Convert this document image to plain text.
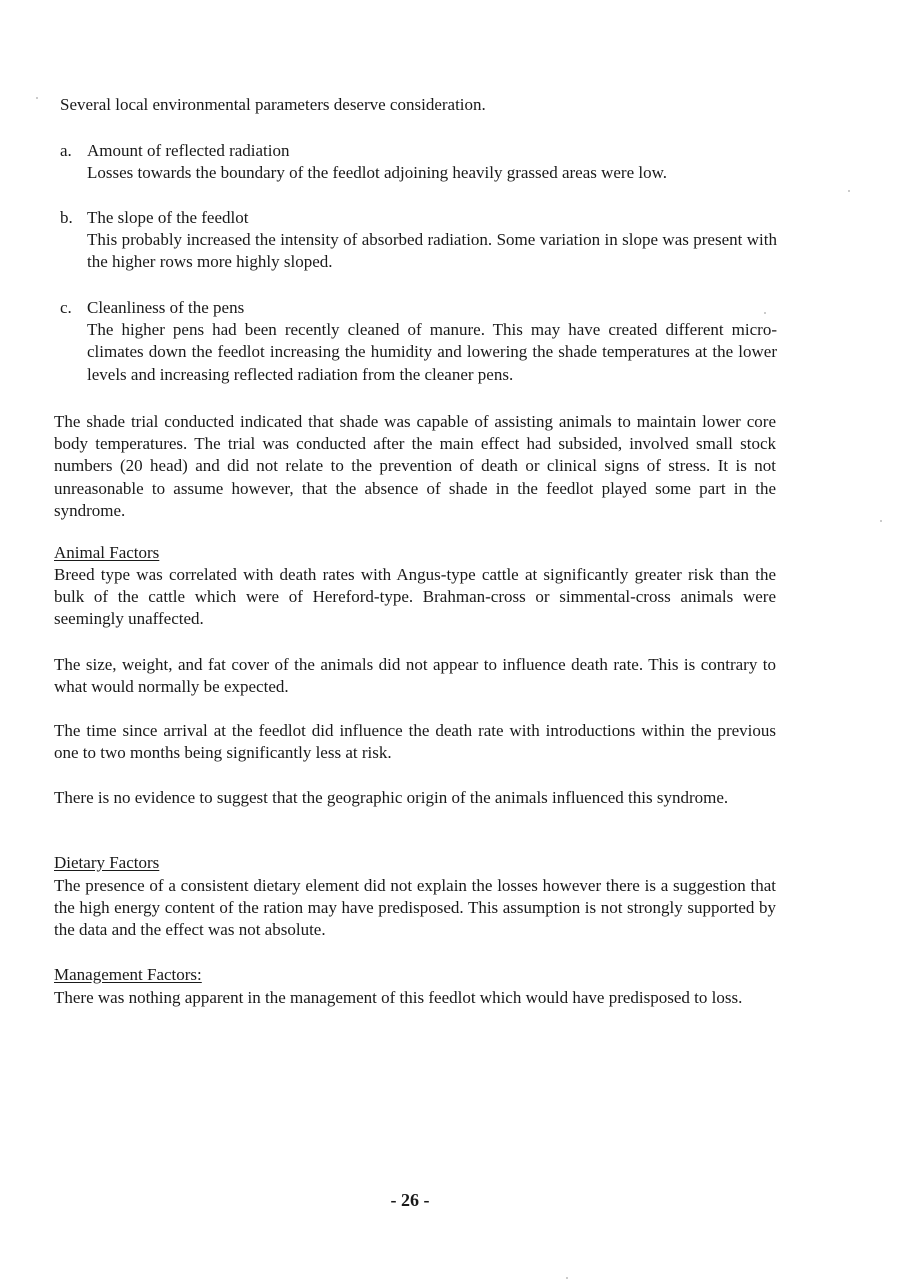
Several local environmental parameters deserve consideration.

a. Amount of reflected radiation
Losses towards the boundary of the feedlot adjoining heavily grassed areas were low.
b. The slope of the feedlot
This probably increased the intensity of absorbed radiation. Some variation in slope was present with the higher rows more highly sloped.
c. Cleanliness of the pens
The higher pens had been recently cleaned of manure. This may have created different micro-climates down the feedlot increasing the humidity and lowering the shade temperatures at the lower levels and increasing reflected radiation from the cleaner pens.

The shade trial conducted indicated that shade was capable of assisting animals to maintain lower core body temperatures. The trial was conducted after the main effect had subsided, involved small stock numbers (20 head) and did not relate to the prevention of death or clinical signs of stress. It is not unreasonable to assume however, that the absence of shade in the feedlot played some part in the syndrome.

Animal Factors

Breed type was correlated with death rates with Angus-type cattle at significantly greater risk than the bulk of the cattle which were of Hereford-type. Brahman-cross or simmental-cross animals were seemingly unaffected.

The size, weight, and fat cover of the animals did not appear to influence death rate. This is contrary to what would normally be expected.

The time since arrival at the feedlot did influence the death rate with introductions within the previous one to two months being significantly less at risk.

There is no evidence to suggest that the geographic origin of the animals influenced this syndrome.

Dietary Factors

The presence of a consistent dietary element did not explain the losses however there is a suggestion that the high energy content of the ration may have predisposed. This assumption is not strongly supported by the data and the effect was not absolute.

Management Factors:

There was nothing apparent in the management of this feedlot which would have predisposed to loss.

- 26 -
